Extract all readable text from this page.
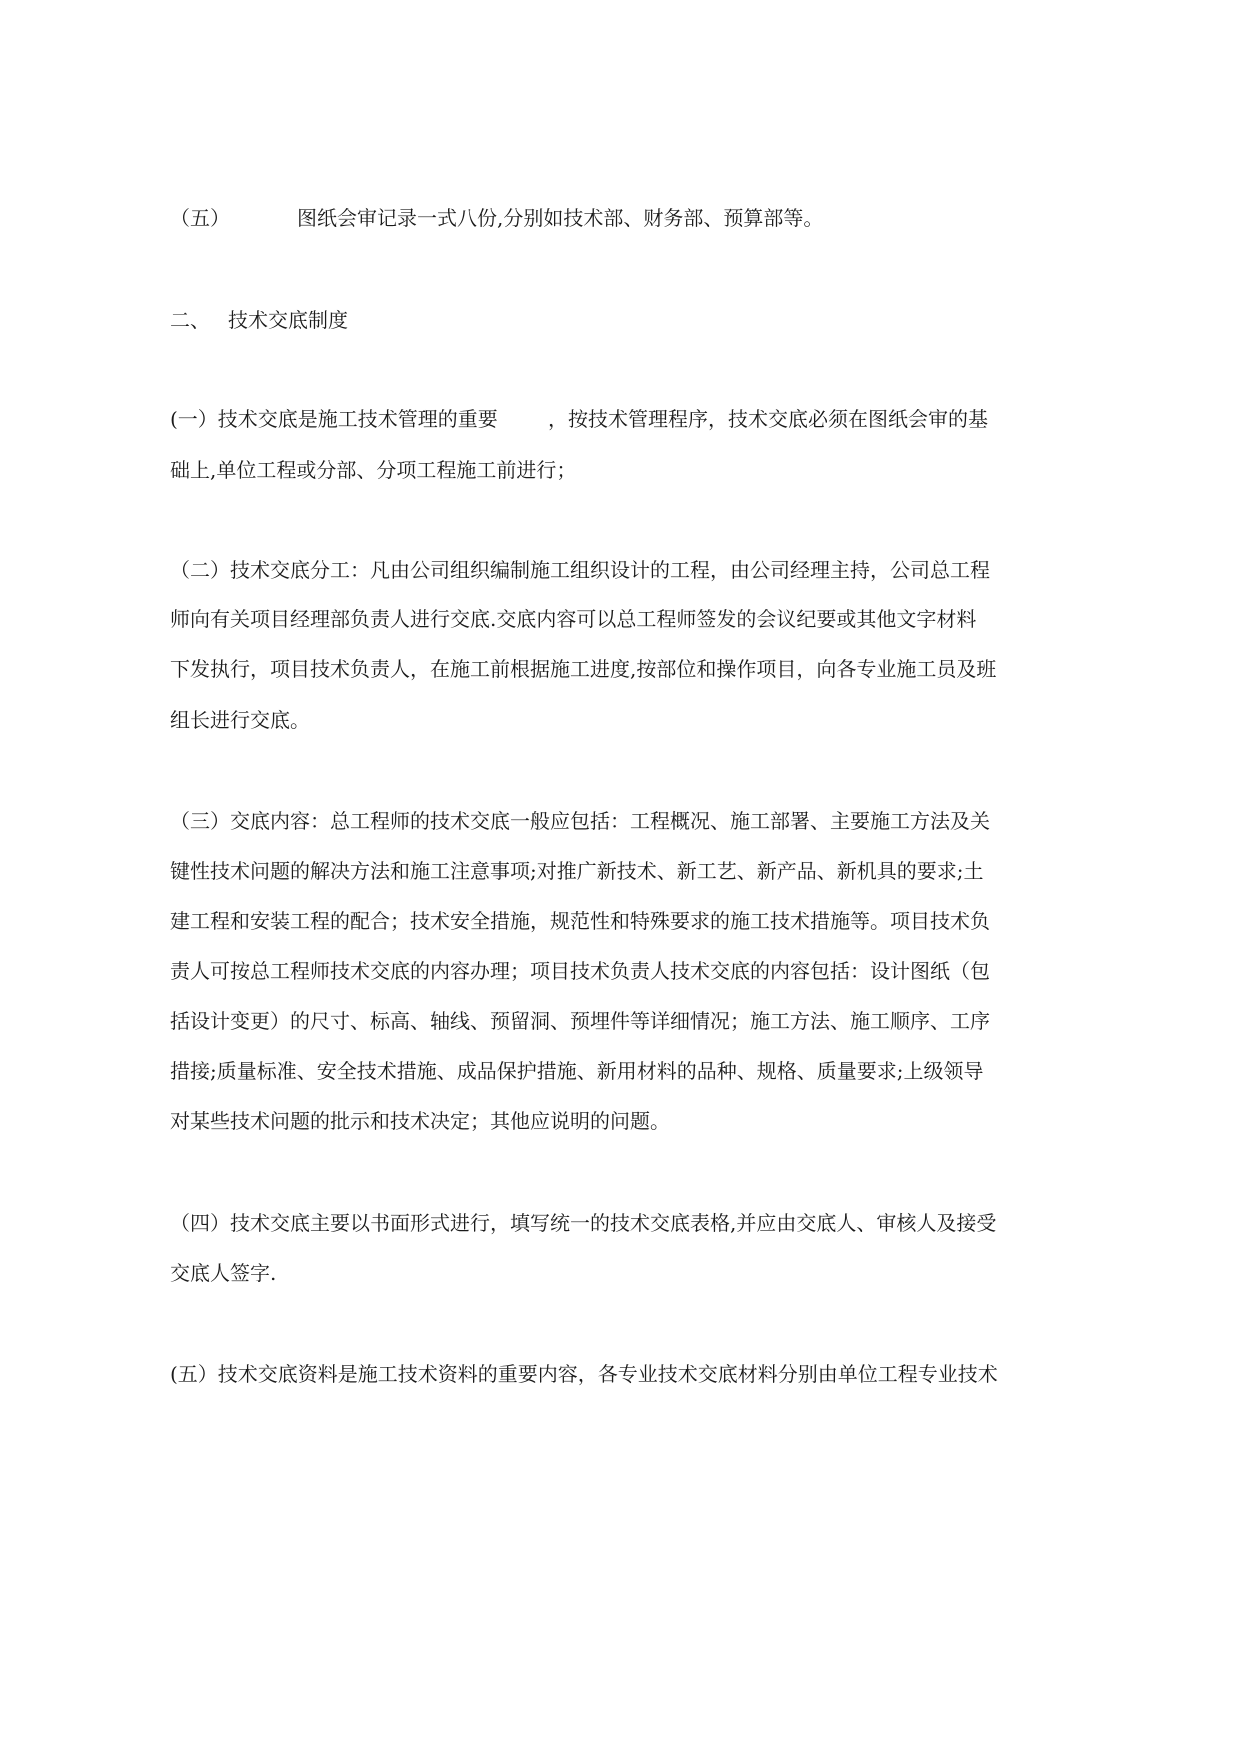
（五）	图纸会审记录一式八份,分别如技术部、财务部、预算部等。

二、 技术交底制度

(一）技术交底是施工技术管理的重要	，按技术管理程序，技术交底必须在图纸会审的基

础上,单位工程或分部、分项工程施工前进行；

（二）技术交底分工：凡由公司组织编制施工组织设计的工程，由公司经理主持，公司总工程

师向有关项目经理部负责人进行交底.交底内容可以总工程师签发的会议纪要或其他文字材料

下发执行，项目技术负责人，在施工前根据施工进度,按部位和操作项目，向各专业施工员及班

组长进行交底。

（三）交底内容：总工程师的技术交底一般应包括：工程概况、施工部署、主要施工方法及关

键性技术问题的解决方法和施工注意事项;对推广新技术、新工艺、新产品、新机具的要求;土

建工程和安装工程的配合；技术安全措施，规范性和特殊要求的施工技术措施等。项目技术负

责人可按总工程师技术交底的内容办理；项目技术负责人技术交底的内容包括：设计图纸（包

括设计变更）的尺寸、标高、轴线、预留洞、预埋件等详细情况；施工方法、施工顺序、工序

措接;质量标准、安全技术措施、成品保护措施、新用材料的品种、规格、质量要求;上级领导

对某些技术问题的批示和技术决定；其他应说明的问题。

（四）技术交底主要以书面形式进行，填写统一的技术交底表格,并应由交底人、审核人及接受

交底人签字.

(五）技术交底资料是施工技术资料的重要内容，各专业技术交底材料分别由单位工程专业技术
